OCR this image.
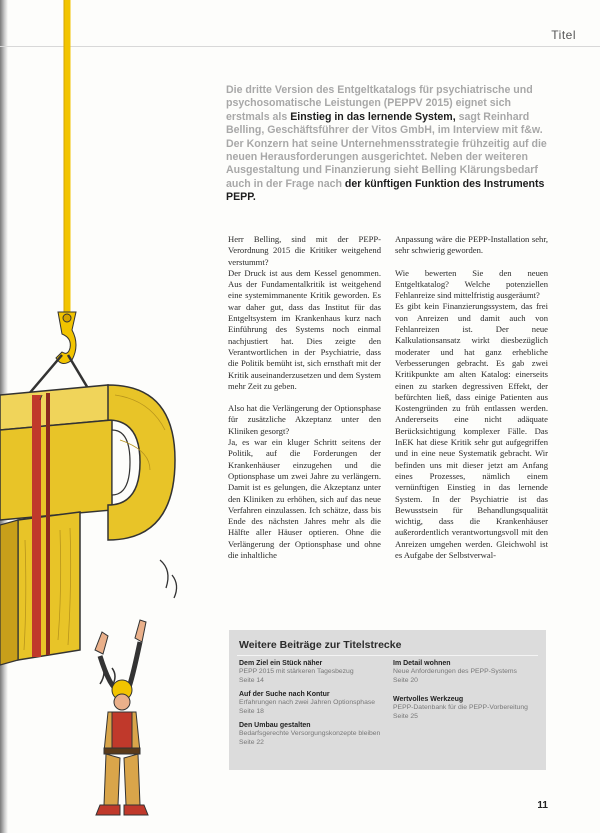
Titel
Die dritte Version des Entgeltkatalogs für psychiatrische und psychosomatische Leistungen (PEPPV 2015) eignet sich erstmals als Einstieg in das lernende System, sagt Reinhard Belling, Geschäftsführer der Vitos GmbH, im Interview mit f&w. Der Konzern hat seine Unternehmensstrategie frühzeitig auf die neuen Herausforderungen ausgerichtet. Neben der weiteren Ausgestaltung und Finanzierung sieht Belling Klärungsbedarf auch in der Frage nach der künftigen Funktion des Instruments PEPP.

Herr Belling, sind mit der PEPP-Verordnung 2015 die Kritiker weitgehend verstummt?
Der Druck ist aus dem Kessel genommen. Aus der Fundamentalkritik ist weitgehend eine systemimmanente Kritik geworden. Es war daher gut, dass das Institut für das Entgeltsystem im Krankenhaus kurz nach Einführung des Systems noch einmal nachjustiert hat. Dies zeigte den Verantwortlichen in der Psychiatrie, dass die Politik bemüht ist, sich ernsthaft mit der Kritik auseinanderzusetzen und dem System mehr Zeit zu geben.

Also hat die Verlängerung der Optionsphase für zusätzliche Akzeptanz unter den Kliniken gesorgt?
Ja, es war ein kluger Schritt seitens der Politik, auf die Forderungen der Krankenhäuser einzugehen und die Optionsphase um zwei Jahre zu verlängern. Damit ist es gelungen, die Akzeptanz unter den Kliniken zu erhöhen, sich auf das neue Verfahren einzulassen. Ich schätze, dass bis Ende des nächsten Jahres mehr als die Hälfte aller Häuser optieren. Ohne die Verlängerung der Optionsphase und ohne die inhaltliche

Anpassung wäre die PEPP-Installation sehr, sehr schwierig geworden.

Wie bewerten Sie den neuen Entgeltkatalog? Welche potenziellen Fehlanreize sind mittelfristig ausgeräumt?
Es gibt kein Finanzierungssystem, das frei von Anreizen und damit auch von Fehlanreizen ist. Der neue Kalkulationsansatz wirkt diesbezüglich moderater und hat ganz erhebliche Verbesserungen gebracht. Es gab zwei Kritikpunkte am alten Katalog: einerseits einen zu starken degressiven Effekt, der befürchten ließ, dass einige Patienten aus Kostengründen zu früh entlassen werden. Andererseits eine nicht adäquate Berücksichtigung komplexer Fälle. Das InEK hat diese Kritik sehr gut aufgegriffen und in eine neue Systematik gebracht. Wir befinden uns mit dieser jetzt am Anfang eines Prozesses, nämlich einem vernünftigen Einstieg in das lernende System. In der Psychiatrie ist das Bewusstsein für Behandlungsqualität wichtig, dass die Krankenhäuser außerordentlich verantwortungsvoll mit den Anreizen umgehen werden. Gleichwohl ist es Aufgabe der Selbstverwal-

Weitere Beiträge zur Titelstrecke
Dem Ziel ein Stück näher
PEPP 2015 mit stärkeren Tagesbezug
Seite 14
Auf der Suche nach Kontur
Erfahrungen nach zwei Jahren Optionsphase
Seite 18
Den Umbau gestalten
Bedarfsgerechte Versorgungskonzepte bleiben
Seite 22
Im Detail wohnen
Neue Anforderungen des PEPP-Systems
Seite 20
Wertvolles Werkzeug
PEPP-Datenbank für die PEPP-Vorbereitung
Seite 25
11
